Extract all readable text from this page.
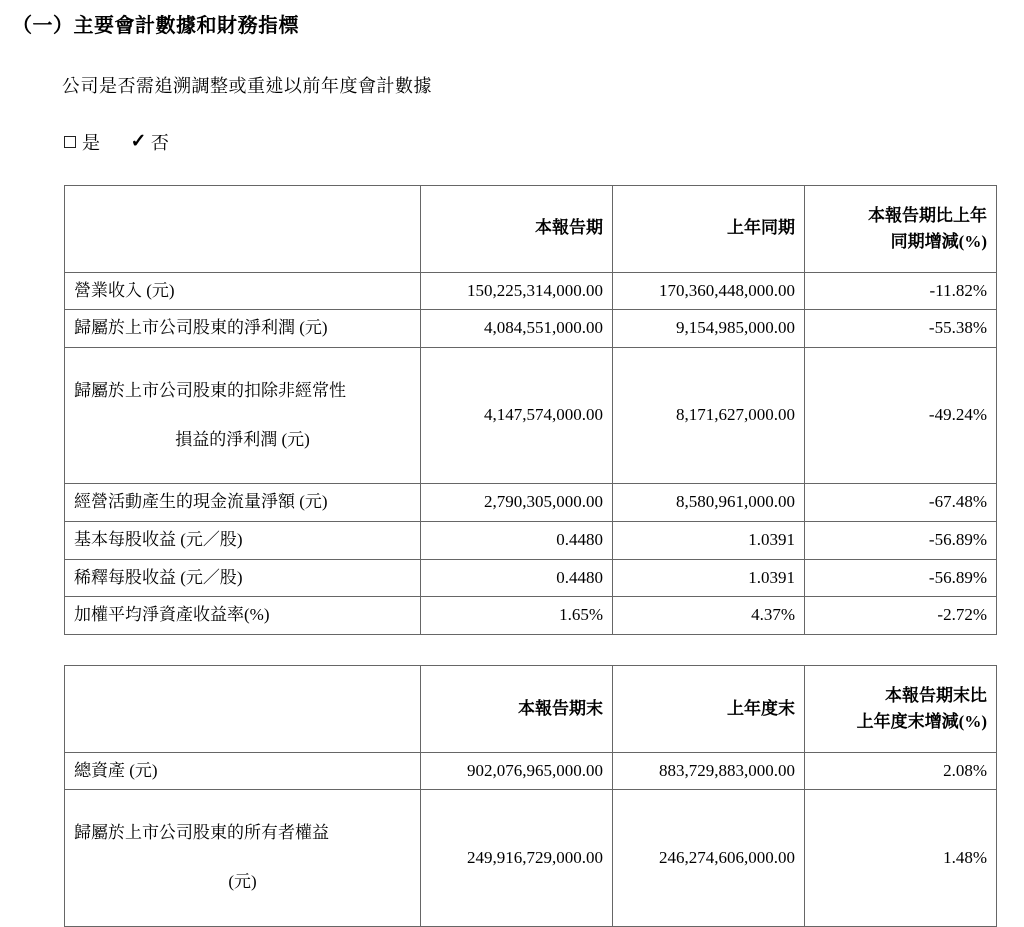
（一）主要會計數據和財務指標
公司是否需追溯調整或重述以前年度會計數據
是 ✓ 否
	本報告期	上年同期	本報告期比上年
同期增減(%)

營業收入 (元)	150,225,314,000.00	170,360,448,000.00	-11.82%
歸屬於上市公司股東的淨利潤 (元)	4,084,551,000.00	9,154,985,000.00	-55.38%

歸屬於上市公司股東的扣除非經常性

損益的淨利潤 (元)	4,147,574,000.00	8,171,627,000.00	-49.24%
經營活動產生的現金流量淨額 (元)	2,790,305,000.00	8,580,961,000.00	-67.48%
基本每股收益 (元／股)	0.4480	1.0391	-56.89%
稀釋每股收益 (元／股)	0.4480	1.0391	-56.89%
加權平均淨資產收益率(%)	1.65%	4.37%	-2.72%
	本報告期末	上年度末	本報告期末比
上年度末增減(%)

總資產 (元)	902,076,965,000.00	883,729,883,000.00	2.08%

歸屬於上市公司股東的所有者權益

(元)	249,916,729,000.00	246,274,606,000.00	1.48%
